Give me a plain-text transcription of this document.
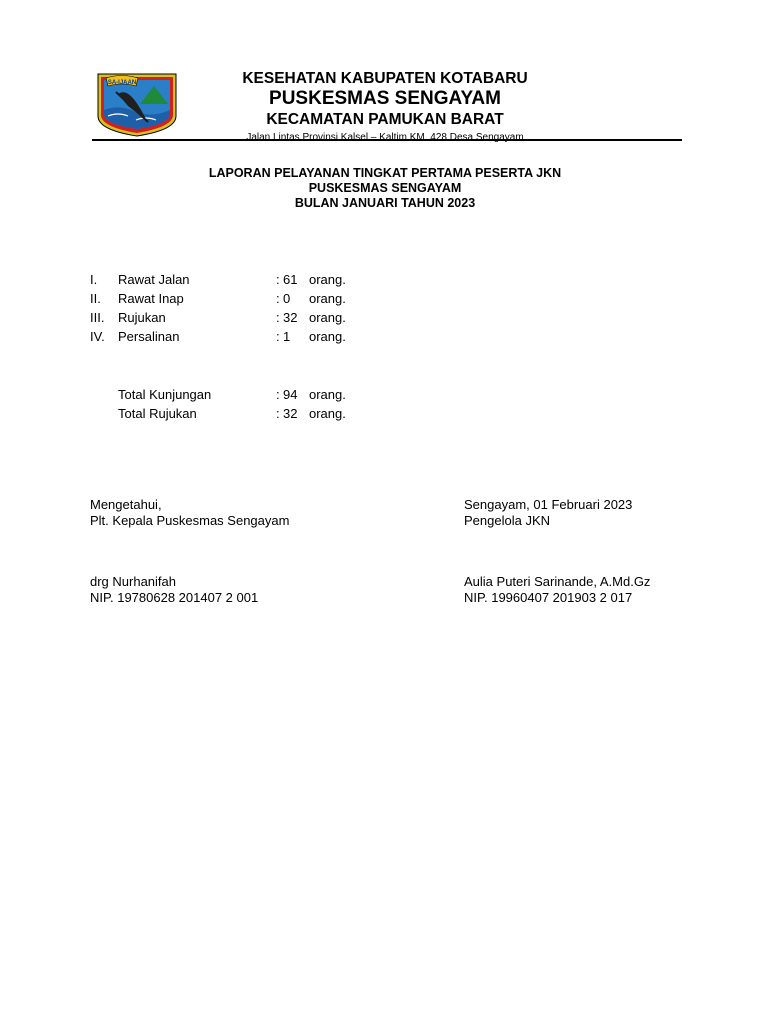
SA-IJAAN	KESEHATAN KABUPATEN KOTABARU
PUSKESMAS SENGAYAM
KECAMATAN PAMUKAN BARAT
Jalan Lintas Provinsi Kalsel – Kaltim KM. 428 Desa Sengayam
LAPORAN PELAYANAN TINGKAT PERTAMA PESERTA JKN
PUSKESMAS SENGAYAM
BULAN JANUARI TAHUN 2023
I. Rawat Jalan	: 61 orang.
II. Rawat Inap	: 0 orang.
III. Rujukan	: 32 orang.
IV. Persalinan	: 1 orang.
Total Kunjungan	: 94 orang.
Total Rujukan	: 32 orang.
Mengetahui,
Plt. Kepala Puskesmas Sengayam
drg Nurhanifah
NIP. 19780628 201407 2 001
Sengayam, 01 Februari 2023
Pengelola JKN
Aulia Puteri Sarinande, A.Md.Gz
NIP. 19960407 201903 2 017
